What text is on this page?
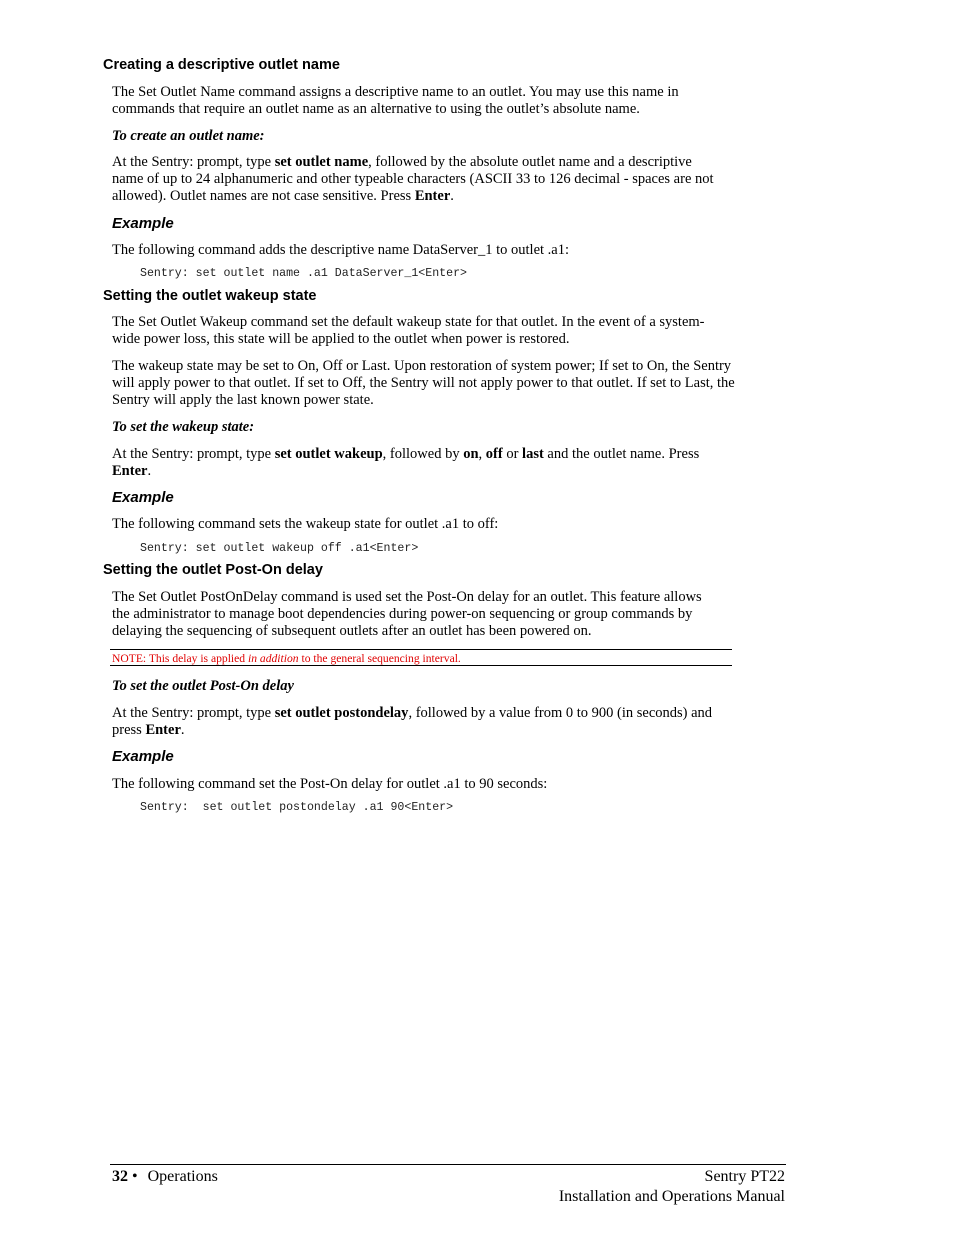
Creating a descriptive outlet name
The Set Outlet Name command assigns a descriptive name to an outlet. You may use this name in
commands that require an outlet name as an alternative to using the outlet’s absolute name.
To create an outlet name:
At the Sentry: prompt, type set outlet name, followed by the absolute outlet name and a descriptive
name of up to 24 alphanumeric and other typeable characters (ASCII 33 to 126 decimal - spaces are not
allowed). Outlet names are not case sensitive. Press Enter.
Example
The following command adds the descriptive name DataServer_1 to outlet .a1:
Sentry: set outlet name .a1 DataServer_1<Enter>
Setting the outlet wakeup state
The Set Outlet Wakeup command set the default wakeup state for that outlet. In the event of a system-
wide power loss, this state will be applied to the outlet when power is restored.
The wakeup state may be set to On, Off or Last. Upon restoration of system power; If set to On, the Sentry
will apply power to that outlet. If set to Off, the Sentry will not apply power to that outlet. If set to Last, the
Sentry will apply the last known power state.
To set the wakeup state:
At the Sentry: prompt, type set outlet wakeup, followed by on, off or last and the outlet name. Press
Enter.
Example
The following command sets the wakeup state for outlet .a1 to off:
Sentry: set outlet wakeup off .a1<Enter>
Setting the outlet Post-On delay
The Set Outlet PostOnDelay command is used set the Post-On delay for an outlet. This feature allows
the administrator to manage boot dependencies during power-on sequencing or group commands by
delaying the sequencing of subsequent outlets after an outlet has been powered on.
NOTE: This delay is applied in addition to the general sequencing interval.
To set the outlet Post-On delay
At the Sentry: prompt, type set outlet postondelay, followed by a value from 0 to 900 (in seconds) and
press Enter.
Example
The following command set the Post-On delay for outlet .a1 to 90 seconds:
Sentry:  set outlet postondelay .a1 90<Enter>
32 • Operations	Sentry PT22
Installation and Operations Manual
